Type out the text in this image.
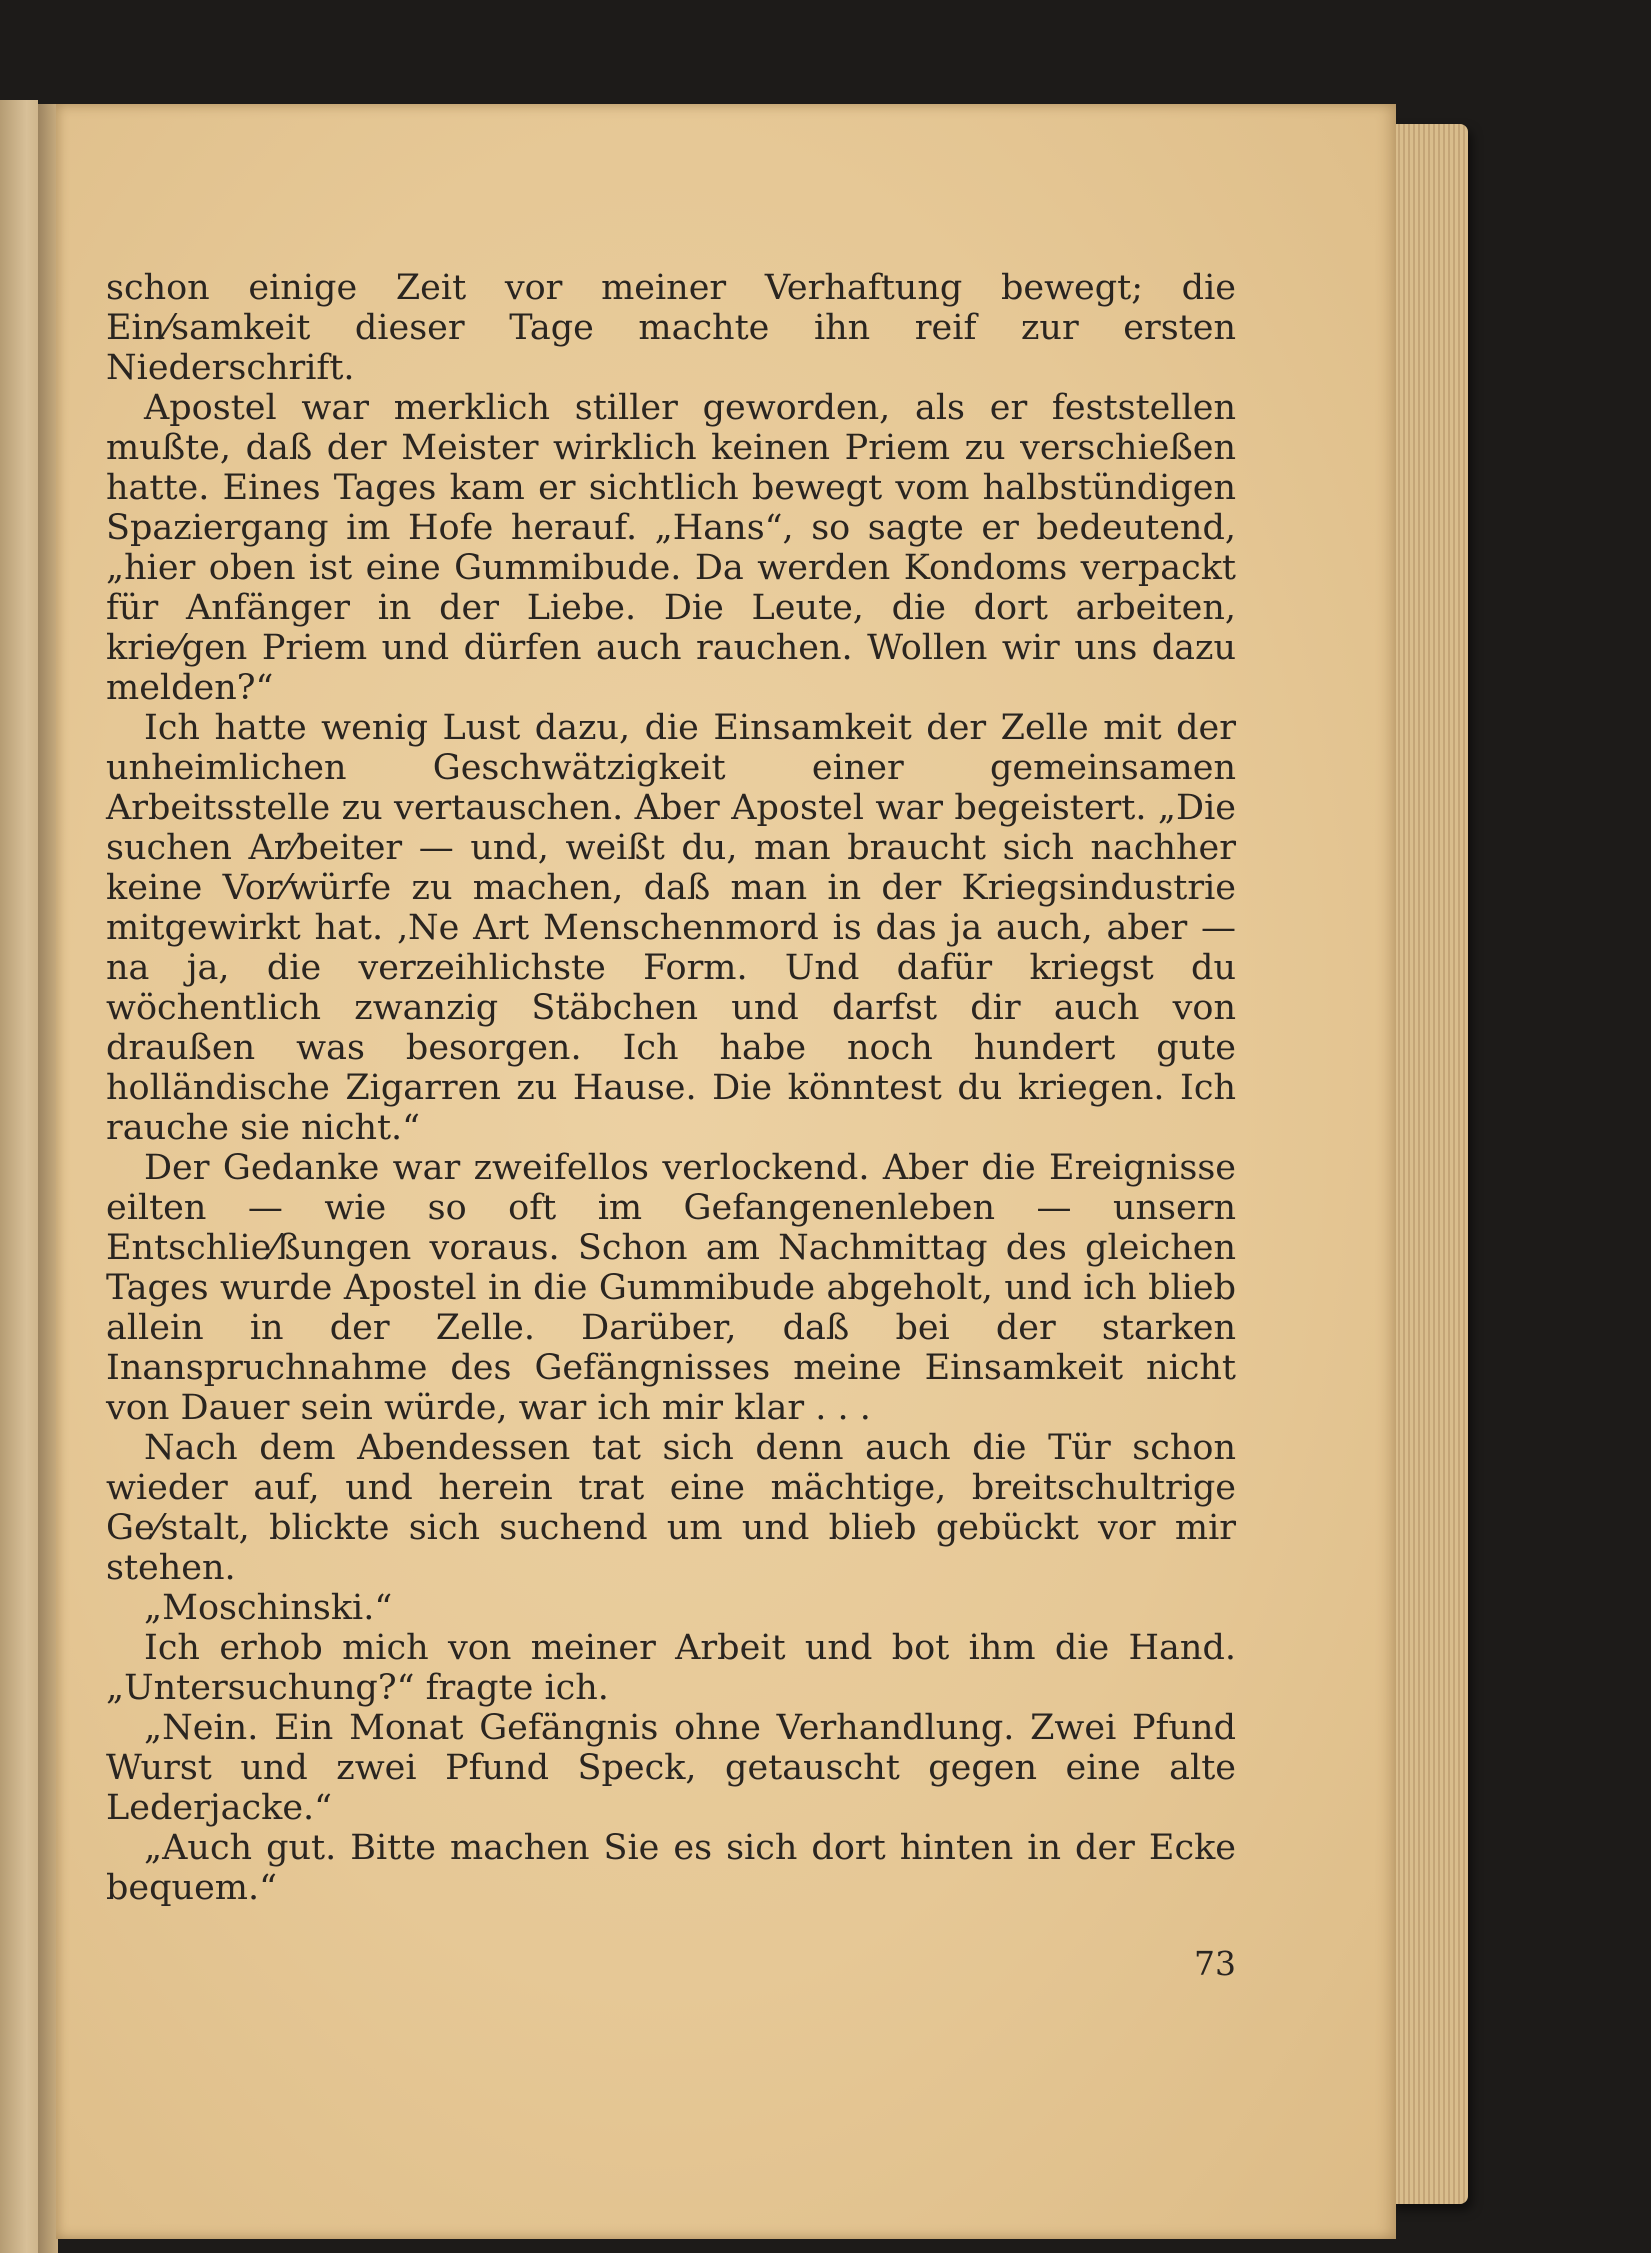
schon einige Zeit vor meiner Verhaftung bewegt; die Ein⁄samkeit dieser Tage machte ihn reif zur ersten Niederschrift.

Apostel war merklich stiller geworden, als er feststellen mußte, daß der Meister wirklich keinen Priem zu verschießen hatte. Eines Tages kam er sichtlich bewegt vom halbstündigen Spaziergang im Hofe herauf. „Hans“, so sagte er bedeutend, „hier oben ist eine Gummibude. Da werden Kondoms verpackt für Anfänger in der Liebe. Die Leute, die dort arbeiten, krie⁄gen Priem und dürfen auch rauchen. Wollen wir uns dazu melden?“

Ich hatte wenig Lust dazu, die Einsamkeit der Zelle mit der unheimlichen Geschwätzigkeit einer gemeinsamen Arbeitsstelle zu vertauschen. Aber Apostel war begeistert. „Die suchen Ar⁄beiter — und, weißt du, man braucht sich nachher keine Vor⁄würfe zu machen, daß man in der Kriegsindustrie mitgewirkt hat. ‚Ne Art Menschenmord is das ja auch, aber — na ja, die verzeihlichste Form. Und dafür kriegst du wöchentlich zwanzig Stäbchen und darfst dir auch von draußen was besorgen. Ich habe noch hundert gute holländische Zigarren zu Hause. Die könntest du kriegen. Ich rauche sie nicht.“

Der Gedanke war zweifellos verlockend. Aber die Ereignisse eilten — wie so oft im Gefangenenleben — unsern Entschlie⁄ßungen voraus. Schon am Nachmittag des gleichen Tages wurde Apostel in die Gummibude abgeholt, und ich blieb allein in der Zelle. Darüber, daß bei der starken Inanspruchnahme des Gefängnisses meine Einsamkeit nicht von Dauer sein würde, war ich mir klar . . .

Nach dem Abendessen tat sich denn auch die Tür schon wieder auf, und herein trat eine mächtige, breitschultrige Ge⁄stalt, blickte sich suchend um und blieb gebückt vor mir stehen.

„Moschinski.“

Ich erhob mich von meiner Arbeit und bot ihm die Hand. „Untersuchung?“ fragte ich.

„Nein. Ein Monat Gefängnis ohne Verhandlung. Zwei Pfund Wurst und zwei Pfund Speck, getauscht gegen eine alte Lederjacke.“

„Auch gut. Bitte machen Sie es sich dort hinten in der Ecke bequem.“

73
